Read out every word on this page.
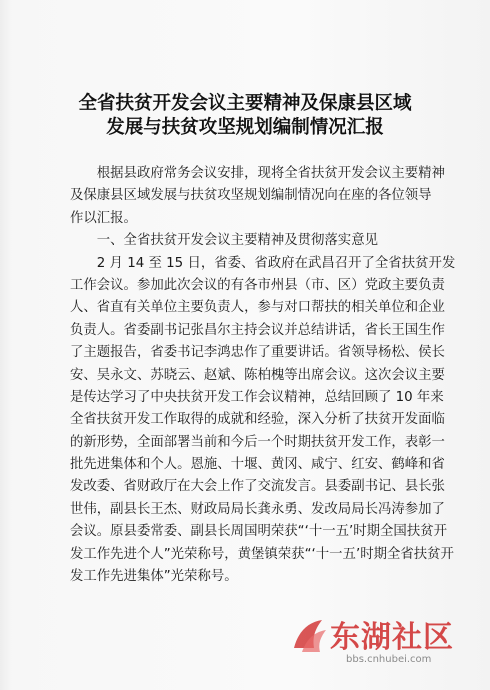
全省扶贫开发会议主要精神及保康县区域
发展与扶贫攻坚规划编制情况汇报
　　根据县政府常务会议安排，现将全省扶贫开发会议主要精神
及保康县区域发展与扶贫攻坚规划编制情况向在座的各位领导
作以汇报。
　　一、全省扶贫开发会议主要精神及贯彻落实意见
　　2 月 14 至 15 日，省委、省政府在武昌召开了全省扶贫开发
工作会议。参加此次会议的有各市州县（市、区）党政主要负责
人、省直有关单位主要负责人，参与对口帮扶的相关单位和企业
负责人。省委副书记张昌尔主持会议并总结讲话，省长王国生作
了主题报告，省委书记李鸿忠作了重要讲话。省领导杨松、侯长
安、吴永文、苏晓云、赵斌、陈柏槐等出席会议。这次会议主要
是传达学习了中央扶贫开发工作会议精神，总结回顾了 10 年来
全省扶贫开发工作取得的成就和经验，深入分析了扶贫开发面临
的新形势，全面部署当前和今后一个时期扶贫开发工作，表彰一
批先进集体和个人。恩施、十堰、黄冈、咸宁、红安、鹤峰和省
发改委、省财政厅在大会上作了交流发言。县委副书记、县长张
世伟，副县长王杰、财政局局长龚永勇、发改局局长冯涛参加了
会议。原县委常委、副县长周国明荣获“‘十一五’时期全国扶贫开
发工作先进个人”光荣称号，黄堡镇荣获“‘十一五’时期全省扶贫开
发工作先进集体”光荣称号。
东湖社区
bbs.cnhubei.com
